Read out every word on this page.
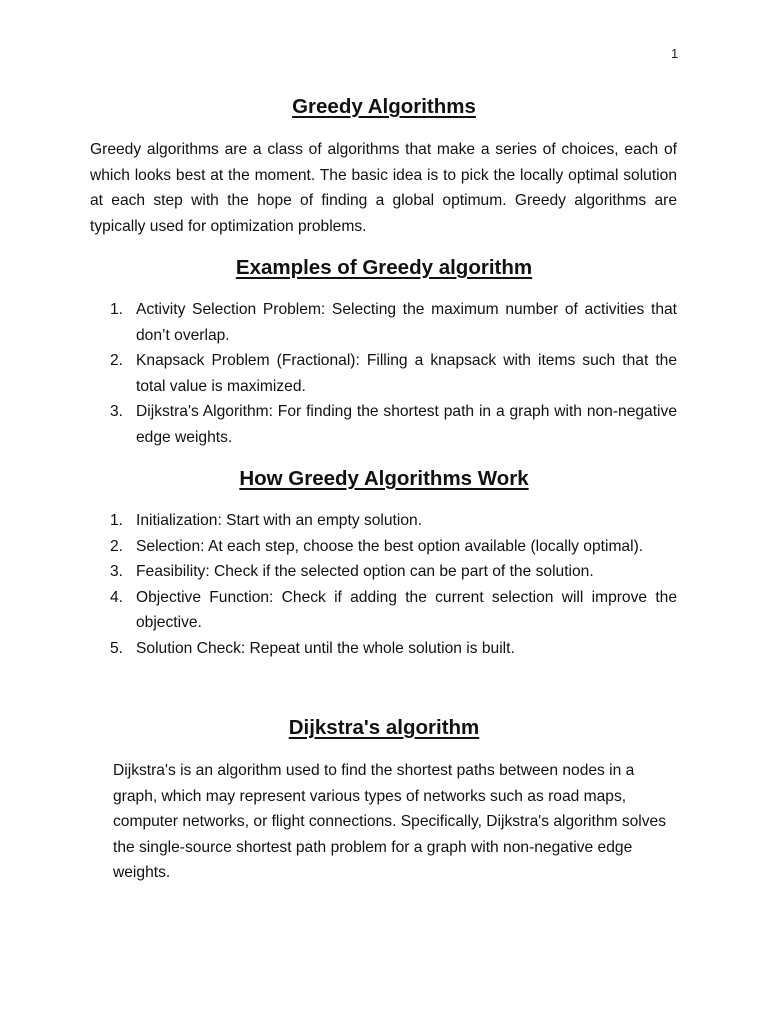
1
Greedy Algorithms

Greedy algorithms are a class of algorithms that make a series of choices, each of which looks best at the moment. The basic idea is to pick the locally optimal solution at each step with the hope of finding a global optimum. Greedy algorithms are typically used for optimization problems.

Examples of Greedy algorithm
1. Activity Selection Problem: Selecting the maximum number of activities that don’t overlap.
2. Knapsack Problem (Fractional): Filling a knapsack with items such that the total value is maximized.
3. Dijkstra's Algorithm: For finding the shortest path in a graph with non-negative edge weights.
How Greedy Algorithms Work
1. Initialization: Start with an empty solution.
2. Selection: At each step, choose the best option available (locally optimal).
3. Feasibility: Check if the selected option can be part of the solution.
4. Objective Function: Check if adding the current selection will improve the objective.
5. Solution Check: Repeat until the whole solution is built.
Dijkstra's algorithm

Dijkstra's is an algorithm used to find the shortest paths between nodes in a graph, which may represent various types of networks such as road maps, computer networks, or flight connections. Specifically, Dijkstra's algorithm solves the single-source shortest path problem for a graph with non-negative edge weights.
